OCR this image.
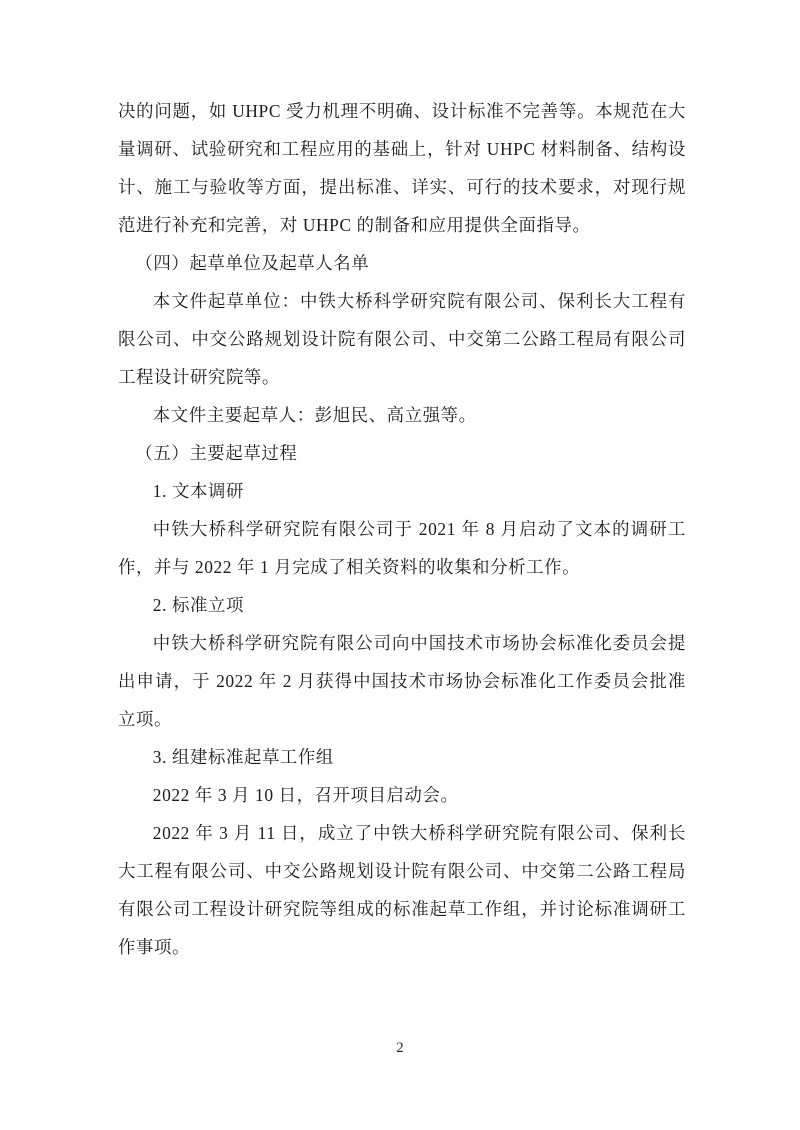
决的问题，如 UHPC 受力机理不明确、设计标准不完善等。本规范在大量调研、试验研究和工程应用的基础上，针对 UHPC 材料制备、结构设计、施工与验收等方面，提出标准、详实、可行的技术要求，对现行规范进行补充和完善，对 UHPC 的制备和应用提供全面指导。

（四）起草单位及起草人名单

本文件起草单位：中铁大桥科学研究院有限公司、保利长大工程有限公司、中交公路规划设计院有限公司、中交第二公路工程局有限公司工程设计研究院等。

本文件主要起草人：彭旭民、高立强等。

（五）主要起草过程

1. 文本调研

中铁大桥科学研究院有限公司于 2021 年 8 月启动了文本的调研工作，并与 2022 年 1 月完成了相关资料的收集和分析工作。

2. 标准立项

中铁大桥科学研究院有限公司向中国技术市场协会标准化委员会提出申请，于 2022 年 2 月获得中国技术市场协会标准化工作委员会批准立项。

3. 组建标准起草工作组

2022 年 3 月 10 日，召开项目启动会。

2022 年 3 月 11 日，成立了中铁大桥科学研究院有限公司、保利长大工程有限公司、中交公路规划设计院有限公司、中交第二公路工程局有限公司工程设计研究院等组成的标准起草工作组，并讨论标准调研工作事项。

2
